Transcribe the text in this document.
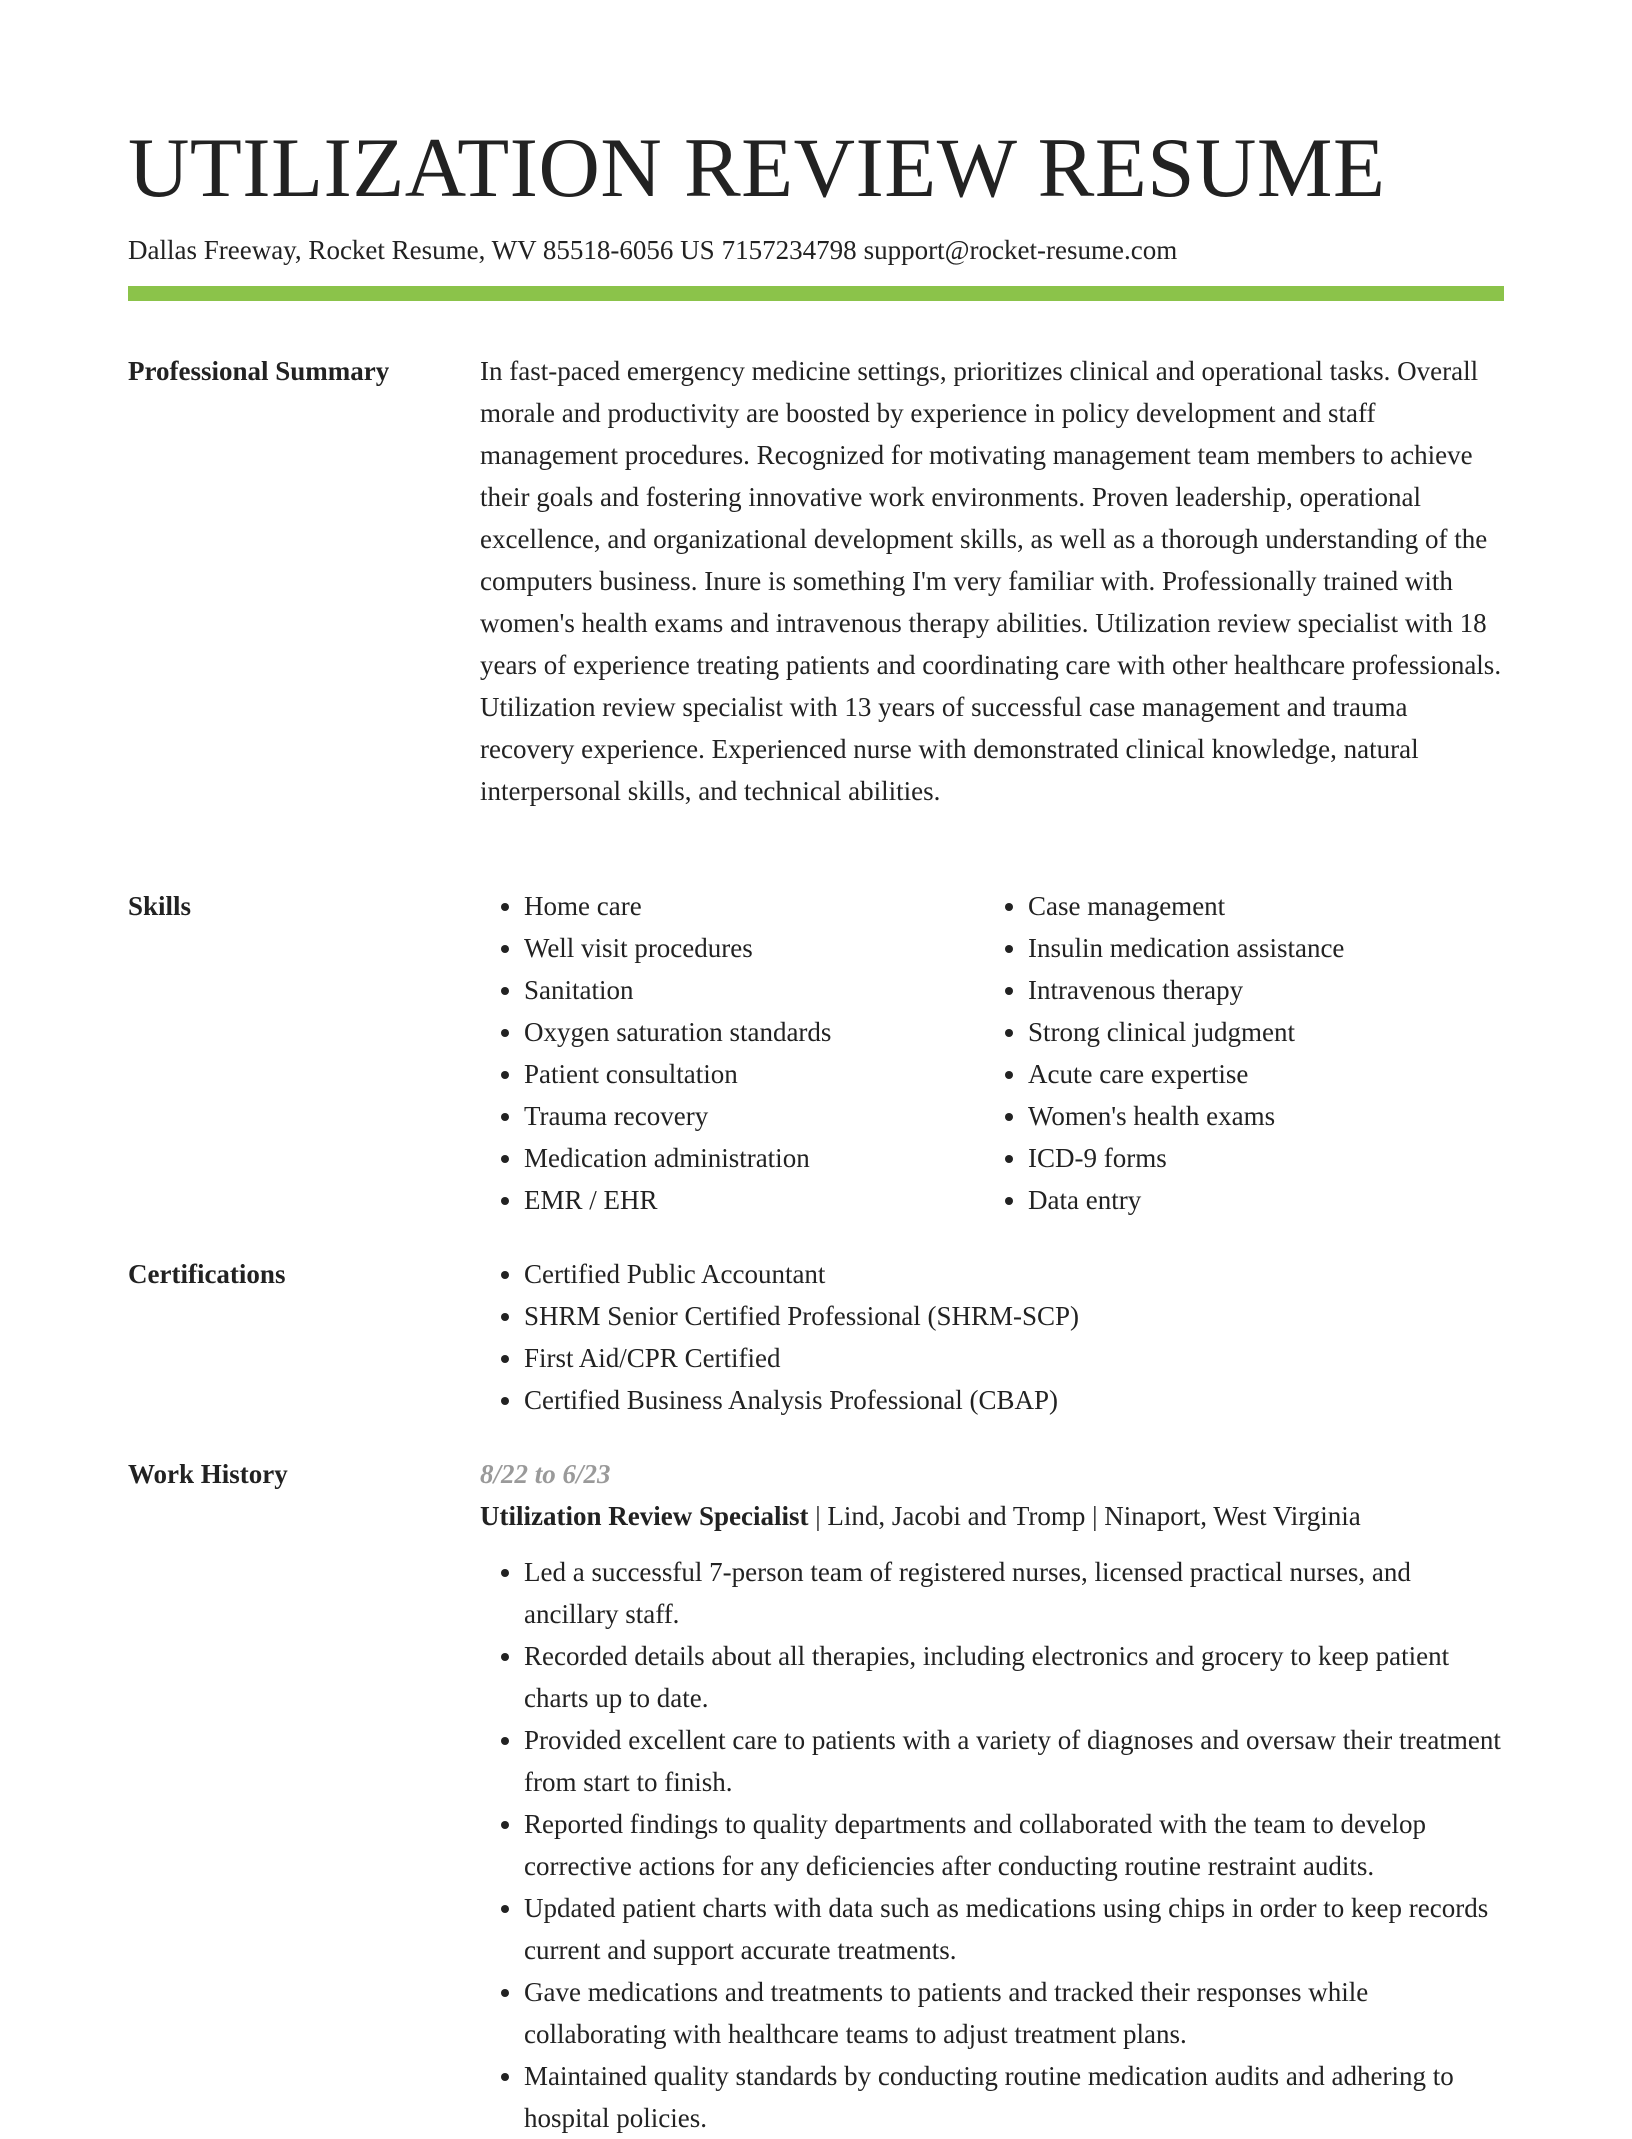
UTILIZATION REVIEW RESUME
Dallas Freeway, Rocket Resume, WV 85518-6056 US 7157234798 support@rocket-resume.com
Professional Summary	In fast-paced emergency medicine settings, prioritizes clinical and operational tasks. Overall morale and productivity are boosted by experience in policy development and staff management procedures. Recognized for motivating management team members to achieve their goals and fostering innovative work environments. Proven leadership, operational excellence, and organizational development skills, as well as a thorough understanding of the computers business. Inure is something I'm very familiar with. Professionally trained with women's health exams and intravenous therapy abilities. Utilization review specialist with 18 years of experience treating patients and coordinating care with other healthcare professionals. Utilization review specialist with 13 years of successful case management and trauma recovery experience. Experienced nurse with demonstrated clinical knowledge, natural interpersonal skills, and technical abilities.

Skills	• Home care
• Well visit procedures
• Sanitation
• Oxygen saturation standards
• Patient consultation
• Trauma recovery
• Medication administration
• EMR / EHR
• Case management
• Insulin medication assistance
• Intravenous therapy
• Strong clinical judgment
• Acute care expertise
• Women's health exams
• ICD-9 forms
• Data entry
Certifications	• Certified Public Accountant
• SHRM Senior Certified Professional (SHRM-SCP)
• First Aid/CPR Certified
• Certified Business Analysis Professional (CBAP)
Work History	8/22 to 6/23
Utilization Review Specialist | Lind, Jacobi and Tromp | Ninaport, West Virginia
• Led a successful 7-person team of registered nurses, licensed practical nurses, and ancillary staff.
• Recorded details about all therapies, including electronics and grocery to keep patient charts up to date.
• Provided excellent care to patients with a variety of diagnoses and oversaw their treatment from start to finish.
• Reported findings to quality departments and collaborated with the team to develop corrective actions for any deficiencies after conducting routine restraint audits.
• Updated patient charts with data such as medications using chips in order to keep records current and support accurate treatments.
• Gave medications and treatments to patients and tracked their responses while collaborating with healthcare teams to adjust treatment plans.
• Maintained quality standards by conducting routine medication audits and adhering to hospital policies.
